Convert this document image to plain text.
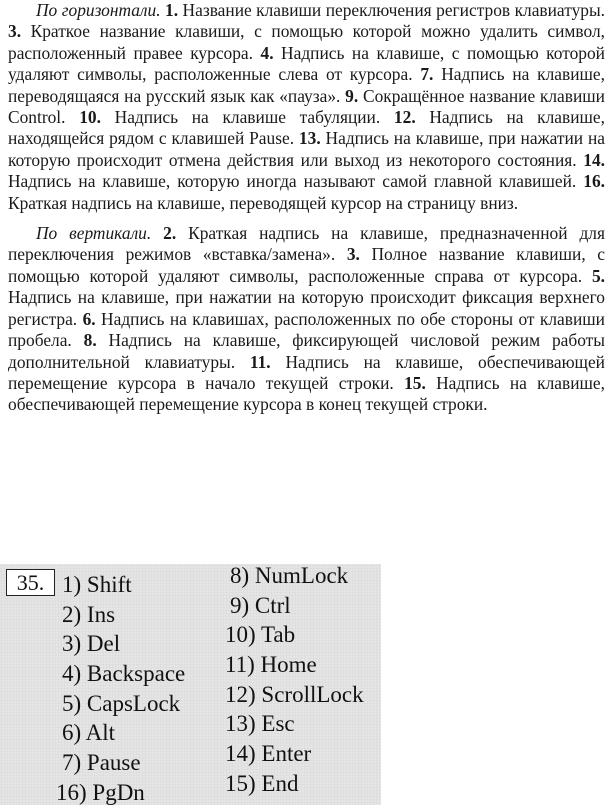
По горизонтали. 1. Название клавиши переключения регистров клавиатуры. 3. Краткое название клавиши, с помощью которой можно удалить символ, расположенный правее курсора. 4. Надпись на клавише, с помощью которой удаляют символы, расположенные слева от курсора. 7. Надпись на клавише, переводящаяся на русский язык как «пауза». 9. Сокращённое название клавиши Control. 10. Надпись на клавише табуляции. 12. Надпись на клавише, находящейся рядом с клавишей Pause. 13. Надпись на клавише, при нажатии на которую происходит отмена действия или выход из некоторого состояния. 14. Надпись на клавише, которую иногда называют самой главной клавишей. 16. Краткая надпись на клавише, переводящей курсор на страницу вниз.

По вертикали. 2. Краткая надпись на клавише, предназначенной для переключения режимов «вставка/замена». 3. Полное название клавиши, с помощью которой удаляют символы, расположенные справа от курсора. 5. Надпись на клавише, при нажатии на которую происходит фиксация верхнего регистра. 6. Надпись на клавишах, расположенных по обе стороны от клавиши пробела. 8. Надпись на клавише, фиксирующей числовой режим работы дополнительной клавиатуры. 11. Надпись на клавише, обеспечивающей перемещение курсора в начало текущей строки. 15. Надпись на клавише, обеспечивающей перемещение курсора в конец текущей строки.

35. 1) Shift
2) Ins
3) Del
4) Backspace
5) CapsLock
6) Alt
7) Pause
16) PgDn
8) NumLock
9) Ctrl
10) Tab
11) Home
12) ScrollLock
13) Esc
14) Enter
15) End
